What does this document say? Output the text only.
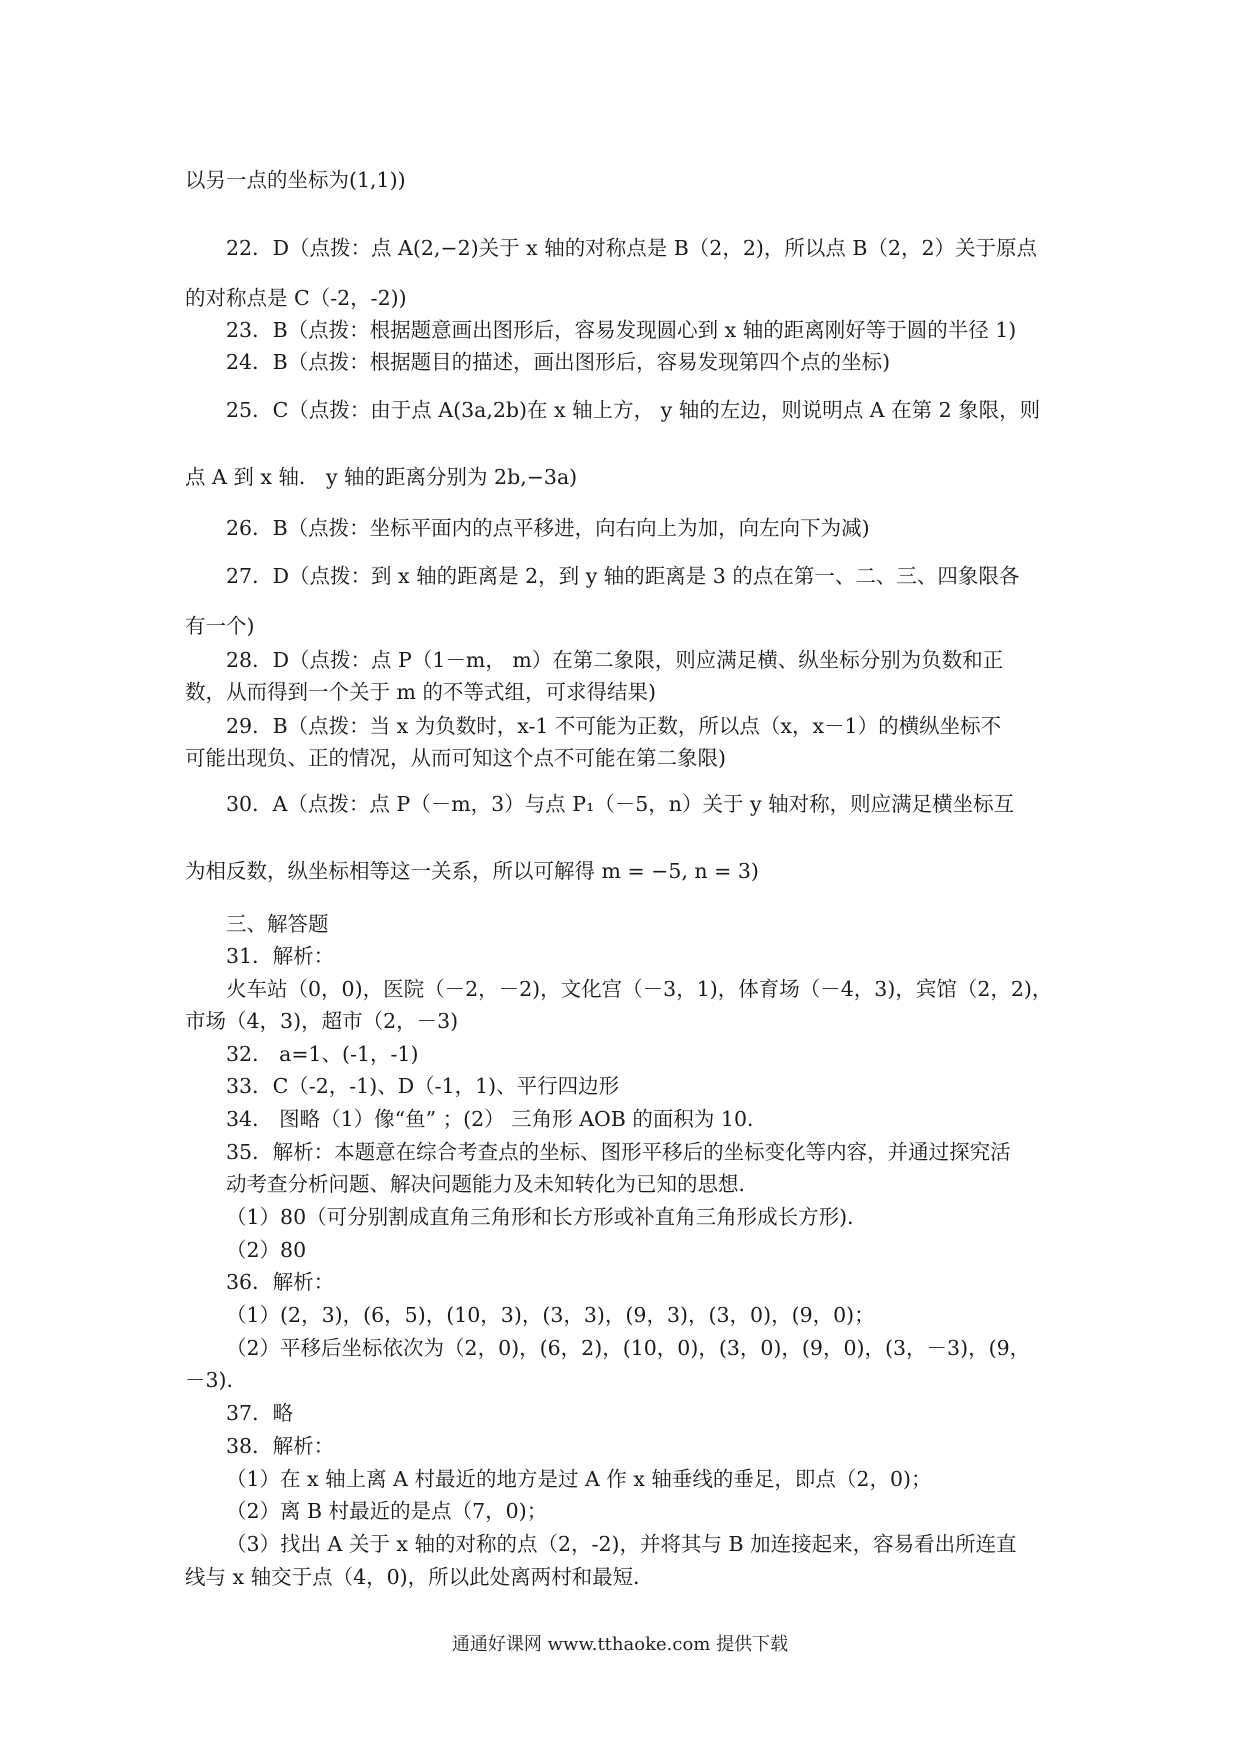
以另一点的坐标为(1,1))
22．D（点拨：点 A(2,−2)关于 x 轴的对称点是 B（2，2)，所以点 B（2，2）关于原点
的对称点是 C（-2，-2))
23．B（点拨：根据题意画出图形后，容易发现圆心到 x 轴的距离刚好等于圆的半径 1)
24．B（点拨：根据题目的描述，画出图形后，容易发现第四个点的坐标)
25．C（点拨：由于点 A(3a,2b)在 x 轴上方， y 轴的左边，则说明点 A 在第 2 象限，则
点 A 到 x 轴． y 轴的距离分别为 2b,−3a)
26．B（点拨：坐标平面内的点平移进，向右向上为加，向左向下为减)
27．D（点拨：到 x 轴的距离是 2，到 y 轴的距离是 3 的点在第一、二、三、四象限各
有一个)
28．D（点拨：点 P（1－m， m）在第二象限，则应满足横、纵坐标分别为负数和正
数，从而得到一个关于 m 的不等式组，可求得结果)
29．B（点拨：当 x 为负数时，x-1 不可能为正数，所以点（x，x－1）的横纵坐标不
可能出现负、正的情况，从而可知这个点不可能在第二象限)
30．A（点拨：点 P（－m，3）与点 P₁（－5，n）关于 y 轴对称，则应满足横坐标互
为相反数，纵坐标相等这一关系，所以可解得 m = −5, n = 3)
三、解答题
31．解析：
火车站（0，0)，医院（－2，－2)，文化宫（－3，1)，体育场（－4，3)，宾馆（2，2)，
市场（4，3)，超市（2，－3)
32． a=1、(-1，-1)
33．C（-2，-1)、D（-1，1)、平行四边形
34． 图略（1）像“鱼” ；(2） 三角形 AOB 的面积为 10．
35．解析：本题意在综合考查点的坐标、图形平移后的坐标变化等内容，并通过探究活
动考查分析问题、解决问题能力及未知转化为已知的思想．
（1）80（可分别割成直角三角形和长方形或补直角三角形成长方形)．
（2）80
36．解析：
（1）(2，3)，(6，5)，(10，3)，(3，3)，(9，3)，(3，0)，(9，0)；
（2）平移后坐标依次为（2，0)，(6，2)，(10，0)，(3，0)，(9，0)，(3，－3)，(9，
－3)．
37．略
38．解析：
（1）在 x 轴上离 A 村最近的地方是过 A 作 x 轴垂线的垂足，即点（2，0)；
（2）离 B 村最近的是点（7，0)；
（3）找出 A 关于 x 轴的对称的点（2，-2)，并将其与 B 加连接起来，容易看出所连直
线与 x 轴交于点（4，0)，所以此处离两村和最短．
通通好课网 www.tthaoke.com 提供下载
